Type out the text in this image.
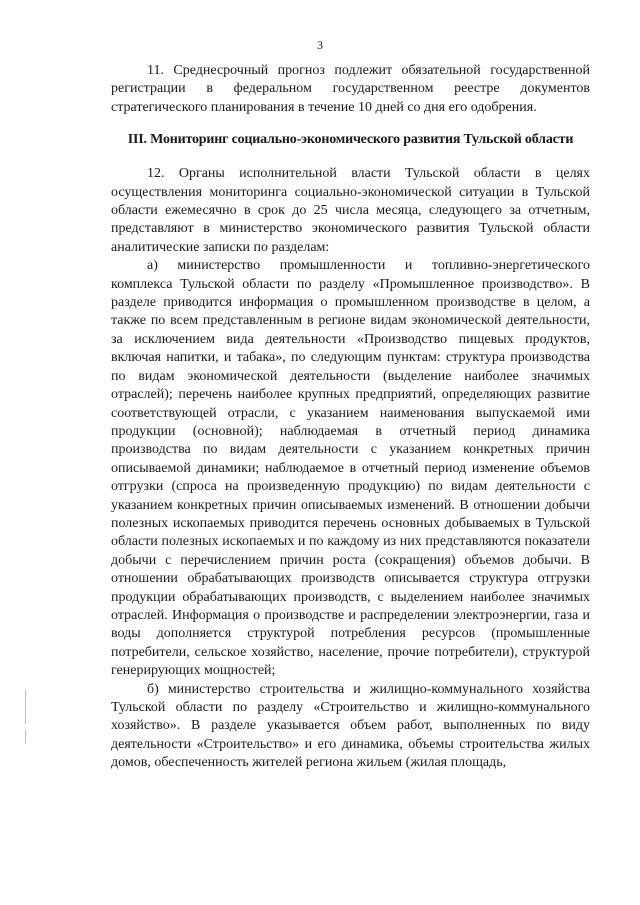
3

11. Среднесрочный прогноз подлежит обязательной государственной регистрации в федеральном государственном реестре документов стратегического планирования в течение 10 дней со дня его одобрения.

III. Мониторинг социально-экономического развития Тульской области

12. Органы исполнительной власти Тульской области в целях осуществления мониторинга социально-экономической ситуации в Тульской области ежемесячно в срок до 25 числа месяца, следующего за отчетным, представляют в министерство экономического развития Тульской области аналитические записки по разделам:

а) министерство промышленности и топливно-энергетического комплекса Тульской области по разделу «Промышленное производство». В разделе приводится информация о промышленном производстве в целом, а также по всем представленным в регионе видам экономической деятельности, за исключением вида деятельности «Производство пищевых продуктов, включая напитки, и табака», по следующим пунктам: структура производства по видам экономической деятельности (выделение наиболее значимых отраслей); перечень наиболее крупных предприятий, определяющих развитие соответствующей отрасли, с указанием наименования выпускаемой ими продукции (основной); наблюдаемая в отчетный период динамика производства по видам деятельности с указанием конкретных причин описываемой динамики; наблюдаемое в отчетный период изменение объемов отгрузки (спроса на произведенную продукцию) по видам деятельности с указанием конкретных причин описываемых изменений. В отношении добычи полезных ископаемых приводится перечень основных добываемых в Тульской области полезных ископаемых и по каждому из них представляются показатели добычи с перечислением причин роста (сокращения) объемов добычи. В отношении обрабатывающих производств описывается структура отгрузки продукции обрабатывающих производств, с выделением наиболее значимых отраслей. Информация о производстве и распределении электроэнергии, газа и воды дополняется структурой потребления ресурсов (промышленные потребители, сельское хозяйство, население, прочие потребители), структурой генерирующих мощностей;

б) министерство строительства и жилищно-коммунального хозяйства Тульской области по разделу «Строительство и жилищно-коммунального хозяйство». В разделе указывается объем работ, выполненных по виду деятельности «Строительство» и его динамика, объемы строительства жилых домов, обеспеченность жителей региона жильем (жилая площадь,
